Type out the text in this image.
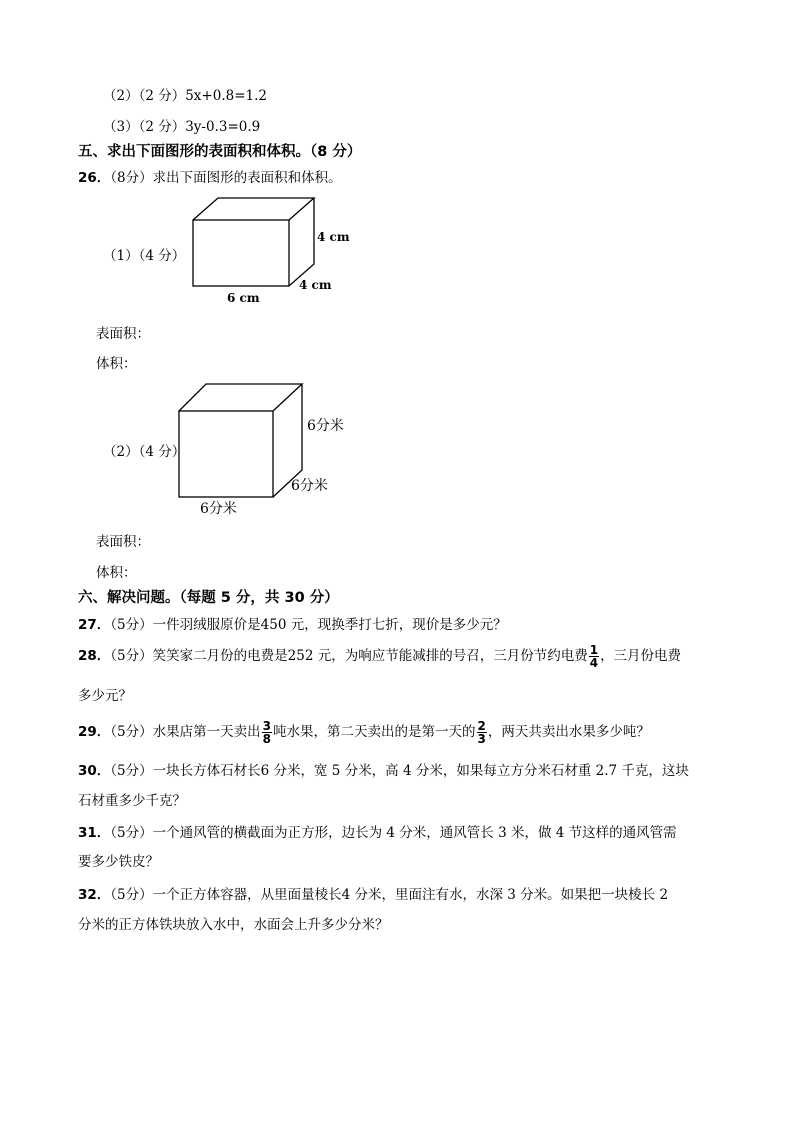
（2）（2 分）5x+0.8=1.2
（3）（2 分）3y-0.3=0.9
五、求出下面图形的表面积和体积。（8 分）
26．（8分）求出下面图形的表面积和体积。
（1）（4 分）
4 cm
4 cm
6 cm
表面积：
体积：
（2）（4 分）
6分米
6分米
6分米
表面积：
体积：
六、解决问题。（每题 5 分，共 30 分）
27．（5分）一件羽绒服原价是450 元，现换季打七折，现价是多少元？
28．（5分）笑笑家二月份的电费是252 元，为响应节能减排的号召，三月份节约电费 $\frac{1}{4}$ ，三月份电费
多少元？
29．（5分）水果店第一天卖出 $\frac{3}{8}$ 吨水果，第二天卖出的是第一天的 $\frac{2}{3}$ ，两天共卖出水果多少吨？
30．（5分）一块长方体石材长6 分米，宽 5 分米，高 4 分米，如果每立方分米石材重 2.7 千克，这块
石材重多少千克？
31．（5分）一个通风管的横截面为正方形，边长为 4 分米，通风管长 3 米，做 4 节这样的通风管需
要多少铁皮？
32．（5分）一个正方体容器，从里面量棱长4 分米，里面注有水，水深 3 分米。如果把一块棱长 2
分米的正方体铁块放入水中，水面会上升多少分米？
